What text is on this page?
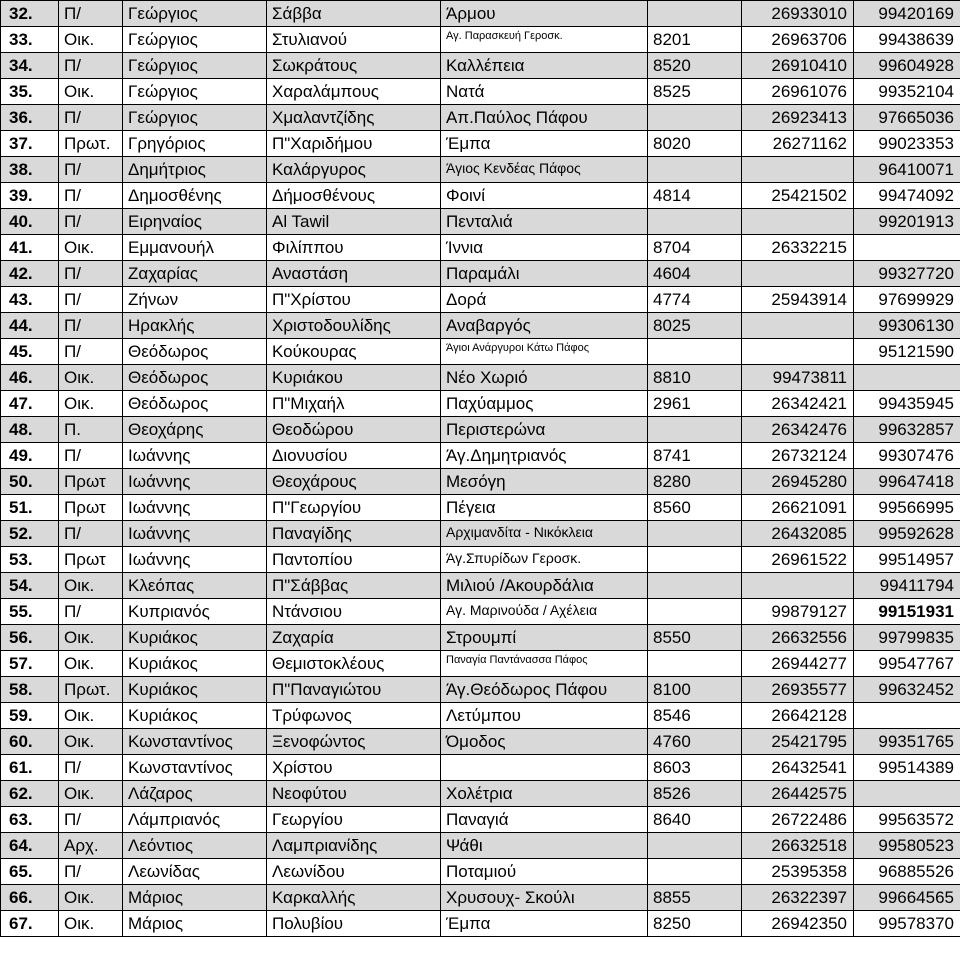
32.	Π/	Γεώργιος	Σάββα	Άρμου		26933010	99420169
33.	Οικ.	Γεώργιος	Στυλιανού	Αγ. Παρασκευή Γεροσκ.	8201	26963706	99438639
34.	Π/	Γεώργιος	Σωκράτους	Καλλέπεια	8520	26910410	99604928
35.	Οικ.	Γεώργιος	Χαραλάμπους	Νατά	8525	26961076	99352104
36.	Π/	Γεώργιος	Χμαλαντζίδης	Απ.Παύλος Πάφου		26923413	97665036
37.	Πρωτ.	Γρηγόριος	Π"Χαριδήμου	Έμπα	8020	26271162	99023353
38.	Π/	Δημήτριος	Καλάργυρος	Άγιος Κενδέας Πάφος			96410071
39.	Π/	Δημοσθένης	Δήμοσθένους	Φοινί	4814	25421502	99474092
40.	Π/	Ειρηναίος	Al Tawil	Πενταλιά			99201913
41.	Οικ.	Εμμανουήλ	Φιλίππου	Ίννια	8704	26332215	
42.	Π/	Ζαχαρίας	Αναστάση	Παραμάλι	4604		99327720
43.	Π/	Ζήνων	Π"Χρίστου	Δορά	4774	25943914	97699929
44.	Π/	Ηρακλής	Χριστοδουλίδης	Αναβαργός	8025		99306130
45.	Π/	Θεόδωρος	Κούκουρας	Άγιοι Ανάργυροι Κάτω Πάφος			95121590
46.	Οικ.	Θεόδωρος	Κυριάκου	Νέο Χωριό	8810	99473811	
47.	Οικ.	Θεόδωρος	Π"Μιχαήλ	Παχύαμμος	2961	26342421	99435945
48.	Π.	Θεοχάρης	Θεοδώρου	Περιστερώνα		26342476	99632857
49.	Π/	Ιωάννης	Διονυσίου	Άγ.Δημητριανός	8741	26732124	99307476
50.	Πρωτ	Ιωάννης	Θεοχάρους	Μεσόγη	8280	26945280	99647418
51.	Πρωτ	Ιωάννης	Π"Γεωργίου	Πέγεια	8560	26621091	99566995
52.	Π/	Ιωάννης	Παναγίδης	Αρχιμανδίτα - Νικόκλεια		26432085	99592628
53.	Πρωτ	Ιωάννης	Παντοπίου	Άγ.Σπυρίδων Γεροσκ.		26961522	99514957
54.	Οικ.	Κλεόπας	Π"Σάββας	Μιλιού /Ακουρδάλια			99411794
55.	Π/	Κυπριανός	Ντάνσιου	Αγ. Μαρινούδα / Αχέλεια		99879127	99151931
56.	Οικ.	Κυριάκος	Ζαχαρία	Στρουμπί	8550	26632556	99799835
57.	Οικ.	Κυριάκος	Θεμιστοκλέους	Παναγία Παντάνασσα Πάφος		26944277	99547767
58.	Πρωτ.	Κυριάκος	Π"Παναγιώτου	Άγ.Θεόδωρος Πάφου	8100	26935577	99632452
59.	Οικ.	Κυριάκος	Τρύφωνος	Λετύμπου	8546	26642128	
60.	Οικ.	Κωνσταντίνος	Ξενοφώντος	Όμοδος	4760	25421795	99351765
61.	Π/	Κωνσταντίνος	Χρίστου		8603	26432541	99514389
62.	Οικ.	Λάζαρος	Νεοφύτου	Χολέτρια	8526	26442575	
63.	Π/	Λάμπριανός	Γεωργίου	Παναγιά	8640	26722486	99563572
64.	Αρχ.	Λεόντιος	Λαμπριανίδης	Ψάθι		26632518	99580523
65.	Π/	Λεωνίδας	Λεωνίδου	Ποταμιού		25395358	96885526
66.	Οικ.	Μάριος	Καρκαλλής	Χρυσουχ- Σκούλι	8855	26322397	99664565
67.	Οικ.	Μάριος	Πολυβίου	Έμπα	8250	26942350	99578370
